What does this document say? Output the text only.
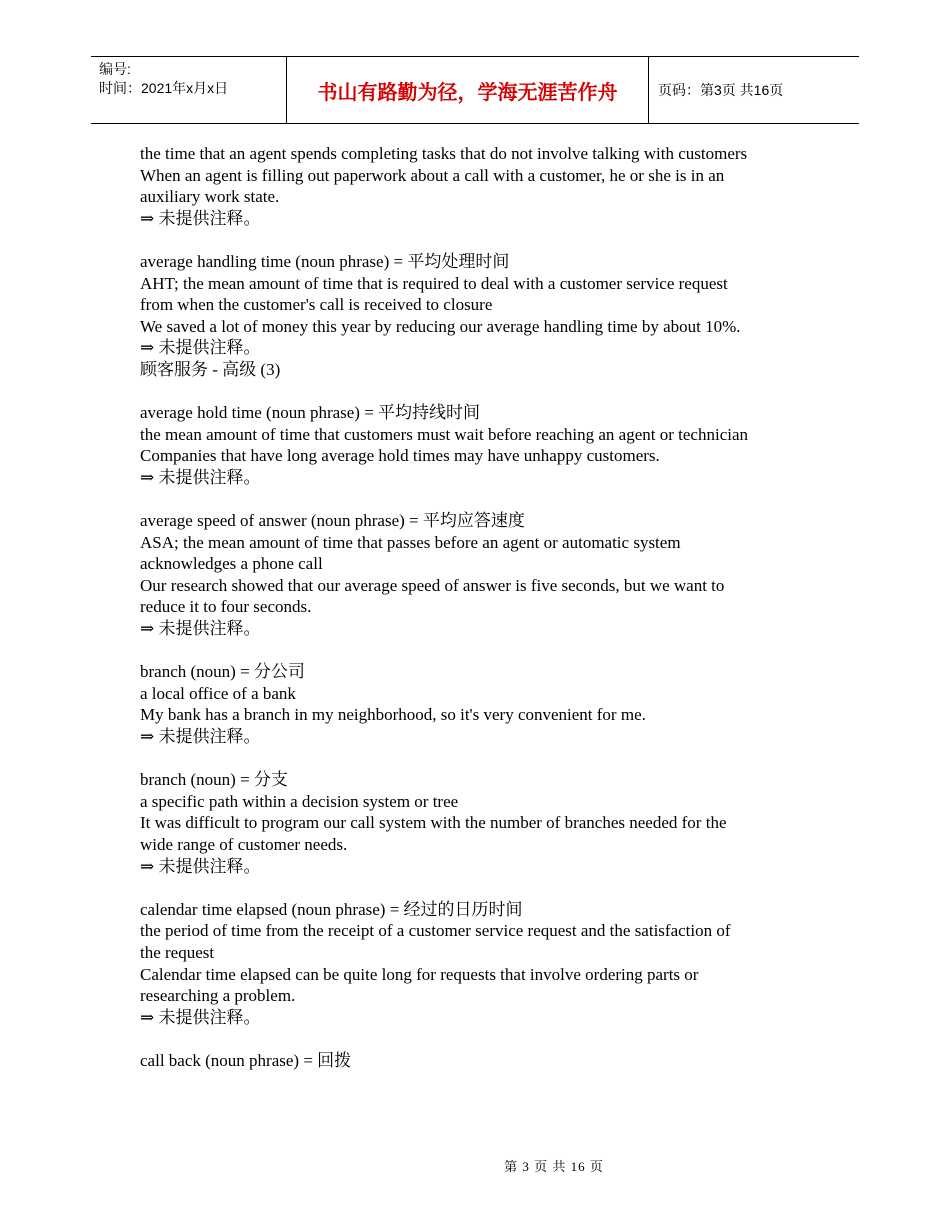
编号:
时间：2021年x月x日	书山有路勤为径，学海无涯苦作舟	页码：第3页 共16页
the time that an agent spends completing tasks that do not involve talking with customers
When an agent is filling out paperwork about a call with a customer, he or she is in an
auxiliary work state.
⇒ 未提供注释。
average handling time (noun phrase) = 平均处理时间
AHT; the mean amount of time that is required to deal with a customer service request
from when the customer's call is received to closure
We saved a lot of money this year by reducing our average handling time by about 10%.
⇒ 未提供注释。
顾客服务 - 高级 (3)
average hold time (noun phrase) = 平均持线时间
the mean amount of time that customers must wait before reaching an agent or technician
Companies that have long average hold times may have unhappy customers.
⇒ 未提供注释。
average speed of answer (noun phrase) = 平均应答速度
ASA; the mean amount of time that passes before an agent or automatic system
acknowledges a phone call
Our research showed that our average speed of answer is five seconds, but we want to
reduce it to four seconds.
⇒ 未提供注释。
branch (noun) = 分公司
a local office of a bank
My bank has a branch in my neighborhood, so it's very convenient for me.
⇒ 未提供注释。
branch (noun) = 分支
a specific path within a decision system or tree
It was difficult to program our call system with the number of branches needed for the
wide range of customer needs.
⇒ 未提供注释。
calendar time elapsed (noun phrase) = 经过的日历时间
the period of time from the receipt of a customer service request and the satisfaction of
the request
Calendar time elapsed can be quite long for requests that involve ordering parts or
researching a problem.
⇒ 未提供注释。
call back (noun phrase) = 回拨
第 3 页 共 16 页
